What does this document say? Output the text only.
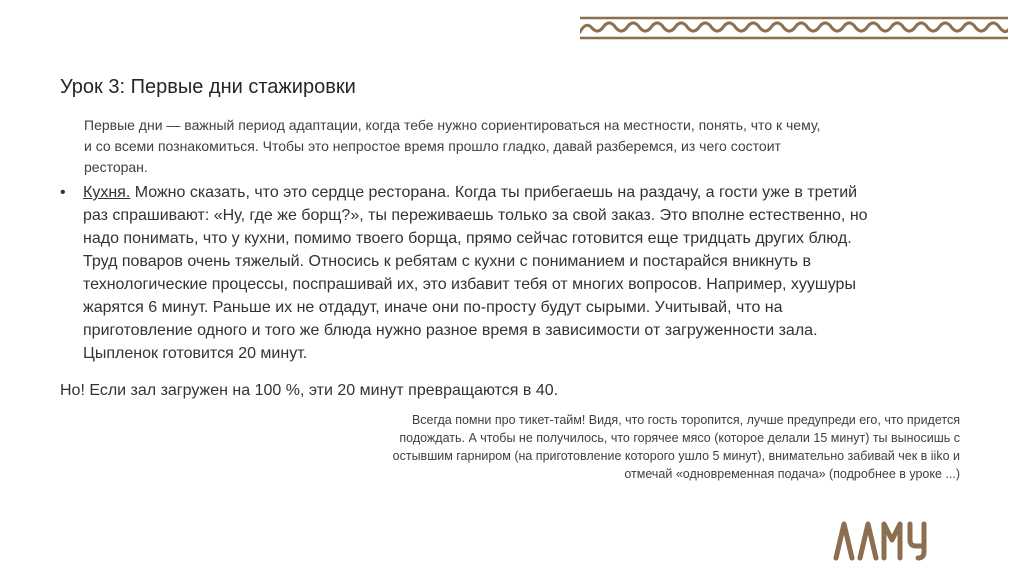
Урок 3: Первые дни стажировки
Первые дни — важный период адаптации, когда тебе нужно сориентироваться на местности, понять, что к чему,
и со всеми познакомиться. Чтобы это непростое время прошло гладко, давай разберемся, из чего состоит
ресторан.
• Кухня. Можно сказать, что это сердце ресторана. Когда ты прибегаешь на раздачу, а гости уже в третий
раз спрашивают: «Ну, где же борщ?», ты переживаешь только за свой заказ. Это вполне естественно, но
надо понимать, что у кухни, помимо твоего борща, прямо сейчас готовится еще тридцать других блюд.
Труд поваров очень тяжелый. Относись к ребятам с кухни с пониманием и постарайся вникнуть в
технологические процессы, поспрашивай их, это избавит тебя от многих вопросов. Например, хуушуры
жарятся 6 минут. Раньше их не отдадут, иначе они по-просту будут сырыми. Учитывай, что на
приготовление одного и того же блюда нужно разное время в зависимости от загруженности зала.
Цыпленок готовится 20 минут.

Но! Если зал загружен на 100 %, эти 20 минут превращаются в 40.

Всегда помни про тикет-тайм! Видя, что гость торопится, лучше предупреди его, что придется
подождать. А чтобы не получилось, что горячее мясо (которое делали 15 минут) ты выносишь с
остывшим гарниром (на приготовление которого ушло 5 минут), внимательно забивай чек в iiko и
отмечай «одновременная подача» (подробнее в уроке ...)
